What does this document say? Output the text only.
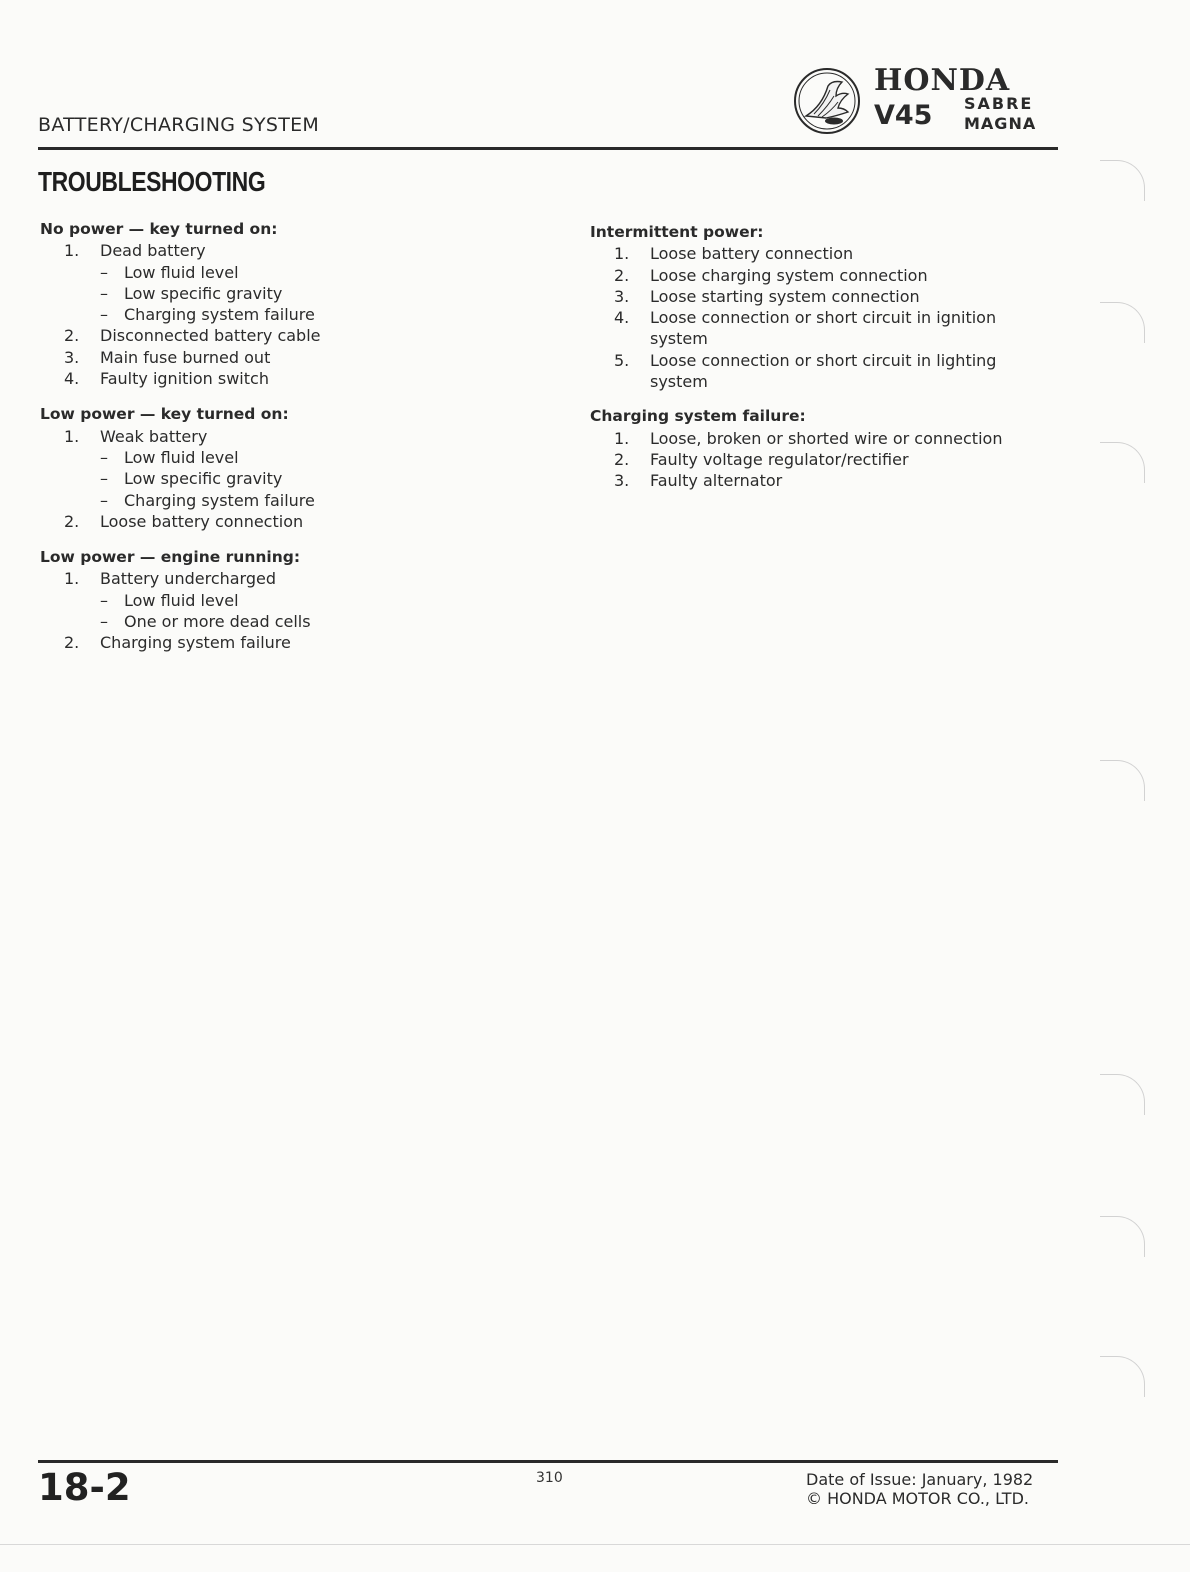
BATTERY/CHARGING SYSTEM
HONDA
V45 SABRE
MAGNA
TROUBLESHOOTING
No power — key turned on:
1. Dead battery
– Low fluid level
– Low specific gravity
– Charging system failure
2. Disconnected battery cable
3. Main fuse burned out
4. Faulty ignition switch
Low power — key turned on:
1. Weak battery
– Low fluid level
– Low specific gravity
– Charging system failure
2. Loose battery connection
Low power — engine running:
1. Battery undercharged
– Low fluid level
– One or more dead cells
2. Charging system failure
Intermittent power:
1. Loose battery connection
2. Loose charging system connection
3. Loose starting system connection
4. Loose connection or short circuit in ignition system
5. Loose connection or short circuit in lighting system
Charging system failure:
1. Loose, broken or shorted wire or connection
2. Faulty voltage regulator/rectifier
3. Faulty alternator
18-2	310	Date of Issue: January, 1982
© HONDA MOTOR CO., LTD.
